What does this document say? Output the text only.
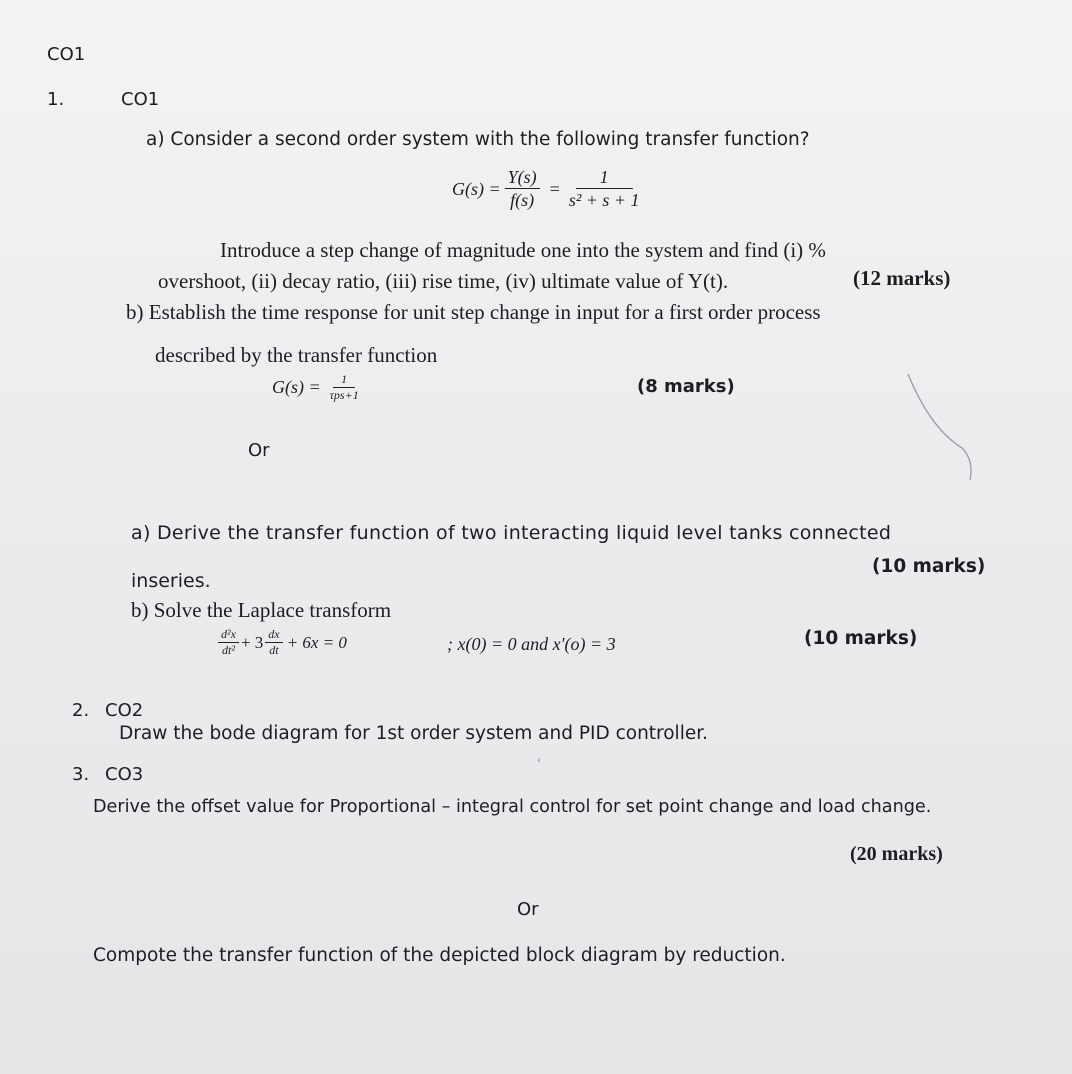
CO1
1.	CO1
a) Consider a second order system with the following transfer function?
$G(s) = \frac{Y(s)}{f(s)} = \frac{1}{\text{s² + s + 1}}$
Introduce a step change of magnitude one into the system and find (i) %
overshoot, (ii) decay ratio, (iii) rise time, (iv) ultimate value of Y(t).	(12 marks)
b) Establish the time response for unit step change in input for a first order process
described by the transfer function
$G(s) = \frac{1}{\text{τps+1}}$	(8 marks)
Or
a) Derive the transfer function of two interacting liquid level tanks connected
inseries.
(10 marks)
b) Solve the Laplace transform
$\frac{\text{d²x}}{\text{dt²}} + 3 \frac{dx}{dt} + 6x = 0$	; x(0) = 0 and x′(o) = 3	(10 marks)
2. CO2
Draw the bode diagram for 1st order system and PID controller.
‹
3. CO3
Derive the offset value for Proportional – integral control for set point change and load change.
(20 marks)
Or
Compote the transfer function of the depicted block diagram by reduction.
